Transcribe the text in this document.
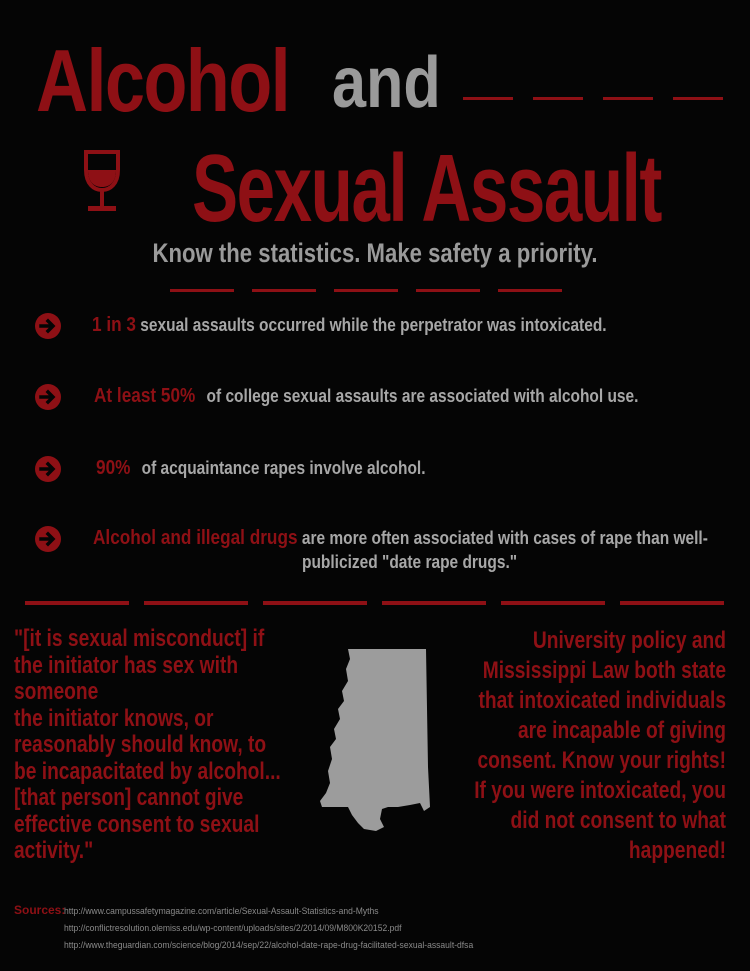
Alcohol and
Sexual Assault
Know the statistics. Make safety a priority.
1 in 3 sexual assaults occurred while the perpetrator was intoxicated.
At least 50% of college sexual assaults are associated with alcohol use.
90% of acquaintance rapes involve alcohol.
Alcohol and illegal drugs are more often associated with cases of rape than well-
publicized "date rape drugs."
"[it is sexual misconduct] if
the initiator has sex with
someone
the initiator knows, or
reasonably should know, to
be incapacitated by alcohol...
[that person] cannot give
effective consent to sexual
activity."
University policy and
Mississippi Law both state
that intoxicated individuals
are incapable of giving
consent. Know your rights!
If you were intoxicated, you
did not consent to what
happened!
Sources:
http://www.campussafetymagazine.com/article/Sexual-Assault-Statistics-and-Myths
http://conflictresolution.olemiss.edu/wp-content/uploads/sites/2/2014/09/M800K20152.pdf
http://www.theguardian.com/science/blog/2014/sep/22/alcohol-date-rape-drug-facilitated-sexual-assault-dfsa
